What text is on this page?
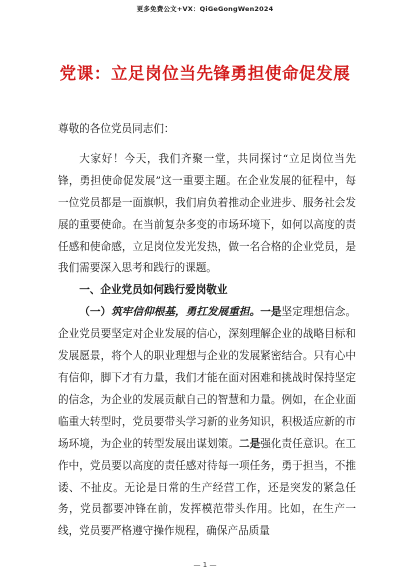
更多免费公文+VX：QiGeGongWen2024
党课：立足岗位当先锋勇担使命促发展

尊敬的各位党员同志们：

大家好！今天，我们齐聚一堂，共同探讨“立足岗位当先锋，勇担使命促发展”这一重要主题。在企业发展的征程中，每一位党员都是一面旗帜，我们肩负着推动企业进步、服务社会发展的重要使命。在当前复杂多变的市场环境下，如何以高度的责任感和使命感，立足岗位发光发热，做一名合格的企业党员，是我们需要深入思考和践行的课题。

一、企业党员如何践行爱岗敬业

（一）筑牢信仰根基，勇扛发展重担。一是坚定理想信念。企业党员要坚定对企业发展的信心，深刻理解企业的战略目标和发展愿景，将个人的职业理想与企业的发展紧密结合。只有心中有信仰，脚下才有力量，我们才能在面对困难和挑战时保持坚定的信念，为企业的发展贡献自己的智慧和力量。例如，在企业面临重大转型时，党员要带头学习新的业务知识，积极适应新的市场环境，为企业的转型发展出谋划策。二是强化责任意识。在工作中，党员要以高度的责任感对待每一项任务，勇于担当，不推诿、不扯皮。无论是日常的生产经营工作，还是突发的紧急任务，党员都要冲锋在前，发挥模范带头作用。比如，在生产一线，党员要严格遵守操作规程，确保产品质量

— 1 —
